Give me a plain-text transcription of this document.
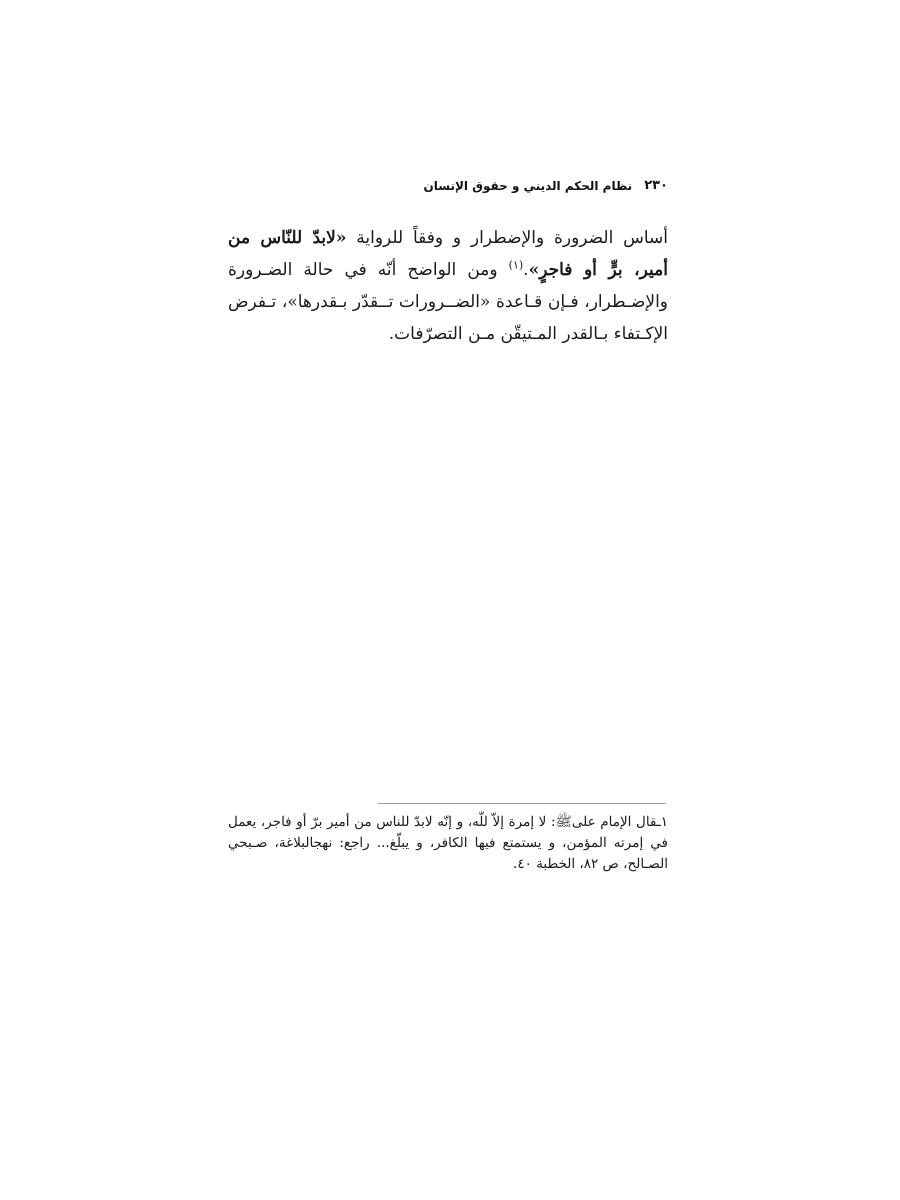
٢٣٠
نظام الحكم الديني و حقوق الإنسان
أساس الضرورة والإضطرار و وفقاً للرواية «لابدّ للنّاس من أمير، برٍّ أو فاجرٍ».$^{(١)}$ ومن الواضح أنّه في حالة الضـرورة والإضـطرار، فـإن قـاعدة «الضــرورات تــقدّر بـقدرها»، تـفرض الإكـتفاء بـالقدر المـتيقّن مـن التصرّفات.
١ـقال الإمام علىﷺ: لا إمرة إلاّ للّه، و إنّه لابدّ للناس من أمير برّ أو فاجر، يعمل في إمرته المؤمن، و يستمتع فيها الكافر، و يبلّغ... راجع: نهجالبلاغة، صـبحي الصـالح، ص ٨٢، الخطبة ٤٠.
